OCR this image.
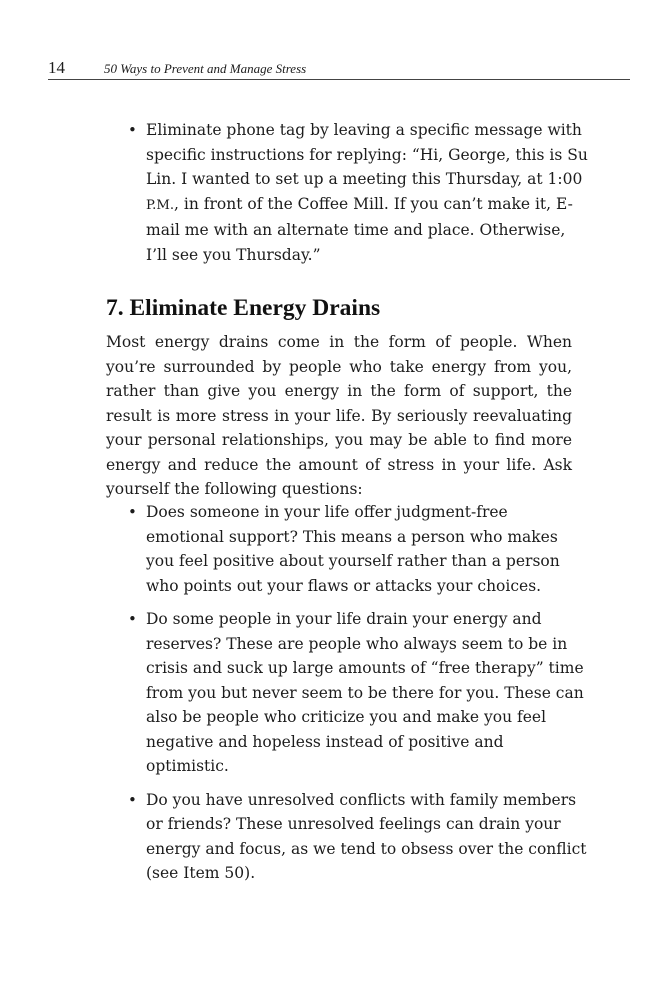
14	50 Ways to Prevent and Manage Stress
• Eliminate phone tag by leaving a specific message with specific instructions for replying: “Hi, George, this is Su Lin. I wanted to set up a meeting this Thursday, at 1:00 P.M., in front of the Coffee Mill. If you can’t make it, E-mail me with an alternate time and place. Otherwise, I’ll see you Thursday.”
7. Eliminate Energy Drains

Most energy drains come in the form of people. When you’re surrounded by people who take energy from you, rather than give you energy in the form of support, the result is more stress in your life. By seriously reevaluating your personal relationships, you may be able to find more energy and reduce the amount of stress in your life. Ask yourself the following questions:

• Does someone in your life offer judgment-free emotional support? This means a person who makes you feel positive about yourself rather than a person who points out your flaws or attacks your choices.
• Do some people in your life drain your energy and reserves? These are people who always seem to be in crisis and suck up large amounts of “free therapy” time from you but never seem to be there for you. These can also be people who criticize you and make you feel negative and hopeless instead of positive and optimistic.
• Do you have unresolved conflicts with family members or friends? These unresolved feelings can drain your energy and focus, as we tend to obsess over the conflict (see Item 50).
